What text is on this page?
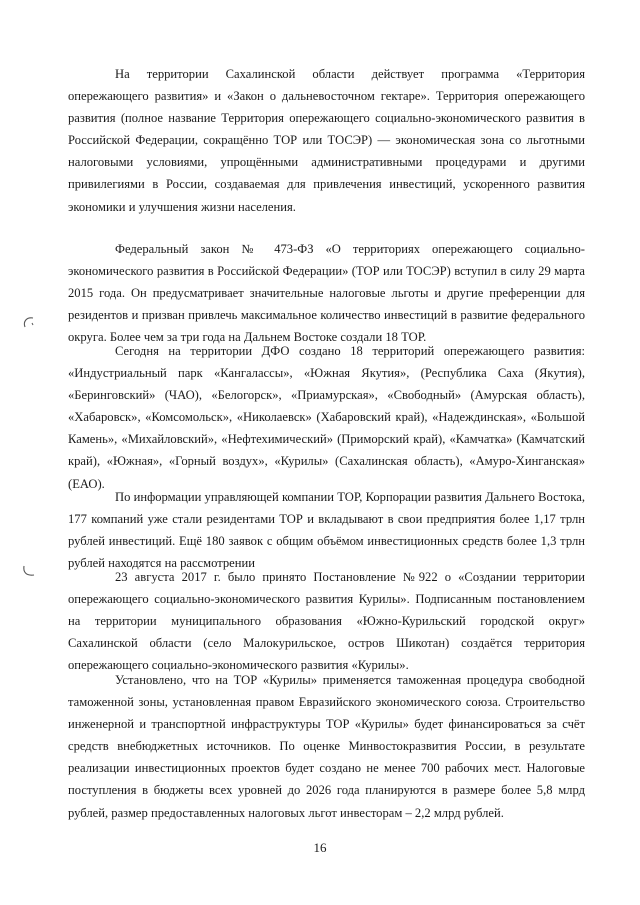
На территории Сахалинской области действует программа «Территория опережающего развития» и «Закон о дальневосточном гектаре». Территория опережающего развития (полное название Территория опережающего социально-экономического развития в Российской Федерации, сокращённо ТОР или ТОСЭР) — экономическая зона со льготными налоговыми условиями, упрощёнными административными процедурами и другими привилегиями в России, создаваемая для привлечения инвестиций, ускоренного развития экономики и улучшения жизни населения.

Федеральный закон № 473-ФЗ «О территориях опережающего социально-экономического развития в Российской Федерации» (ТОР или ТОСЭР) вступил в силу 29 марта 2015 года. Он предусматривает значительные налоговые льготы и другие преференции для резидентов и призван привлечь максимальное количество инвестиций в развитие федерального округа. Более чем за три года на Дальнем Востоке создали 18 ТОР.

Сегодня на территории ДФО создано 18 территорий опережающего развития: «Индустриальный парк «Кангалассы», «Южная Якутия», (Республика Саха (Якутия), «Беринговский» (ЧАО), «Белогорск», «Приамурская», «Свободный» (Амурская область), «Хабаровск», «Комсомольск», «Николаевск» (Хабаровский край), «Надеждинская», «Большой Камень», «Михайловский», «Нефтехимический» (Приморский край), «Камчатка» (Камчатский край), «Южная», «Горный воздух», «Курилы» (Сахалинская область), «Амуро-Хинганская» (ЕАО).

По информации управляющей компании ТОР, Корпорации развития Дальнего Востока, 177 компаний уже стали резидентами ТОР и вкладывают в свои предприятия более 1,17 трлн рублей инвестиций. Ещё 180 заявок с общим объёмом инвестиционных средств более 1,3 трлн рублей находятся на рассмотрении

23 августа 2017 г. было принято Постановление №922 о «Создании территории опережающего социально-экономического развития Курилы». Подписанным постановлением на территории муниципального образования «Южно-Курильский городской округ» Сахалинской области (село Малокурильское, остров Шикотан) создаётся территория опережающего социально-экономического развития «Курилы».

Установлено, что на ТОР «Курилы» применяется таможенная процедура свободной таможенной зоны, установленная правом Евразийского экономического союза. Строительство инженерной и транспортной инфраструктуры ТОР «Курилы» будет финансироваться за счёт средств внебюджетных источников. По оценке Минвостокразвития России, в результате реализации инвестиционных проектов будет создано не менее 700 рабочих мест. Налоговые поступления в бюджеты всех уровней до 2026 года планируются в размере более 5,8 млрд рублей, размер предоставленных налоговых льгот инвесторам – 2,2 млрд рублей.

16
